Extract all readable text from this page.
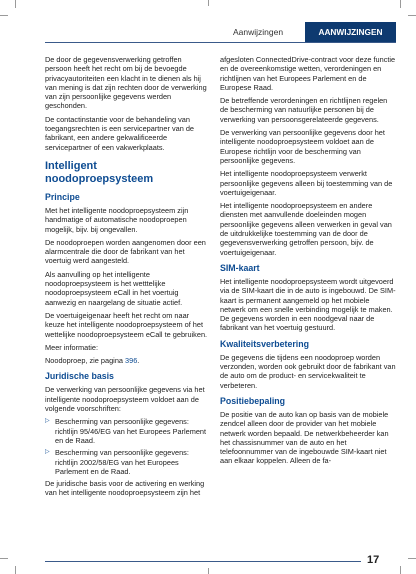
Aanwijzingen	AANWIJZINGEN

De door de gegevensverwerking getroffen persoon heeft het recht om bij de bevoegde privacyautoriteiten een klacht in te dienen als hij van mening is dat zijn rechten door de verwerking van zijn persoonlijke gegevens werden geschonden.

De contactinstantie voor de behandeling van toegangsrechten is een servicepartner van de fabrikant, een andere gekwalificeerde servicepartner of een vakwerkplaats.

Intelligent noodoproepsysteem
Principe

Met het intelligente noodoproepsysteem zijn handmatige of automatische noodoproepen mogelijk, bijv. bij ongevallen.

De noodoproepen worden aangenomen door een alarmcentrale die door de fabrikant van het voertuig werd aangesteld.

Als aanvulling op het intelligente noodoproepsysteem is het wetttelijke noodoproepsysteem eCall in het voertuig aanwezig en naargelang de situatie actief.

De voertuigeigenaar heeft het recht om naar keuze het intelligente noodoproepsysteem of het wettelijke noodoproepsysteem eCall te gebruiken.

Meer informatie:

Noodoproep, zie pagina 396.

Juridische basis

De verwerking van persoonlijke gegevens via het intelligente noodoproepsysteem voldoet aan de volgende voorschriften:

▷ Bescherming van persoonlijke gegevens: richtlijn 95/46/EG van het Europees Parlement en de Raad.
▷ Bescherming van persoonlijke gegevens: richtlijn 2002/58/EG van het Europees Parlement en de Raad.

De juridische basis voor de activering en werking van het intelligente noodoproepsysteem zijn het

afgesloten ConnectedDrive-contract voor deze functie en de overeenkomstige wetten, verordeningen en richtlijnen van het Europees Parlement en de Europese Raad.

De betreffende verordeningen en richtlijnen regelen de bescherming van natuurlijke personen bij de verwerking van persoonsgerelateerde gegevens.

De verwerking van persoonlijke gegevens door het intelligente noodoproepsysteem voldoet aan de Europese richtlijn voor de bescherming van persoonlijke gegevens.

Het intelligente noodoproepsysteem verwerkt persoonlijke gegevens alleen bij toestemming van de voertuigeigenaar.

Het intelligente noodoproepsysteem en andere diensten met aanvullende doeleinden mogen persoonlijke gegevens alleen verwerken in geval van de uitdrukkelijke toestemming van de door de gegevensverwerking getroffen persoon, bijv. de voertuigeigenaar.

SIM-kaart

Het intelligente noodoproepsysteem wordt uitgevoerd via de SIM-kaart die in de auto is ingebouwd. De SIM-kaart is permanent aangemeld op het mobiele netwerk om een snelle verbinding mogelijk te maken. De gegevens worden in een noodgeval naar de fabrikant van het voertuig gestuurd.

Kwaliteitsverbetering

De gegevens die tijdens een noodoproep worden verzonden, worden ook gebruikt door de fabrikant van de auto om de product- en servicekwaliteit te verbeteren.

Positiebepaling

De positie van de auto kan op basis van de mobiele zendcel alleen door de provider van het mobiele netwerk worden bepaald. De netwerkbeheerder kan het chassisnummer van de auto en het telefoonnummer van de ingebouwde SIM-kaart niet aan elkaar koppelen. Alleen de fa-

17
